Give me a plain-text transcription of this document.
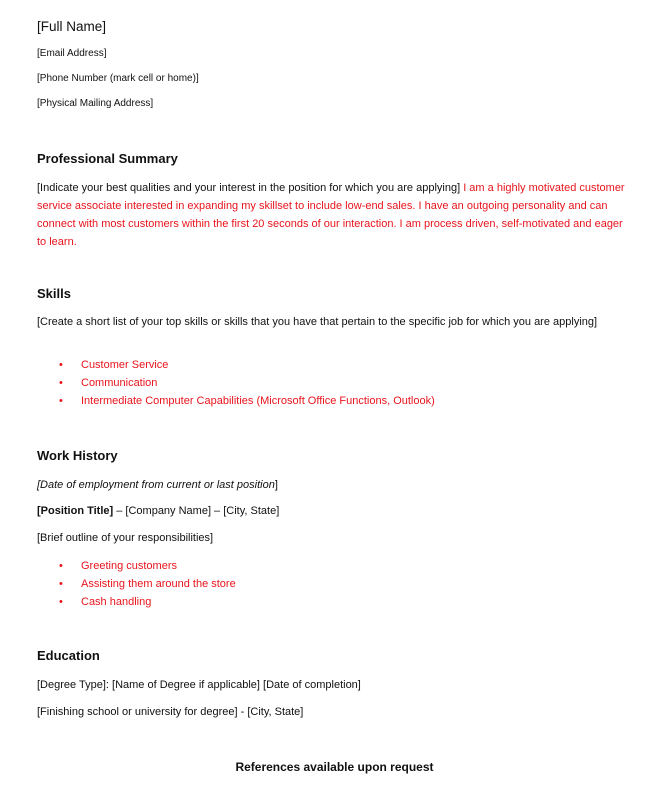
[Full Name]
[Email Address]
[Phone Number (mark cell or home)]
[Physical Mailing Address]
Professional Summary
[Indicate your best qualities and your interest in the position for which you are applying] I am a highly motivated customer service associate interested in expanding my skillset to include low-end sales. I have an outgoing personality and can connect with most customers within the first 20 seconds of our interaction. I am process driven, self-motivated and eager to learn.
Skills
[Create a short list of your top skills or skills that you have that pertain to the specific job for which you are applying]
• Customer Service
• Communication
• Intermediate Computer Capabilities (Microsoft Office Functions, Outlook)
Work History
[Date of employment from current or last position]
[Position Title] – [Company Name] – [City, State]
[Brief outline of your responsibilities]
• Greeting customers
• Assisting them around the store
• Cash handling
Education
[Degree Type]: [Name of Degree if applicable] [Date of completion]
[Finishing school or university for degree] - [City, State]
References available upon request
